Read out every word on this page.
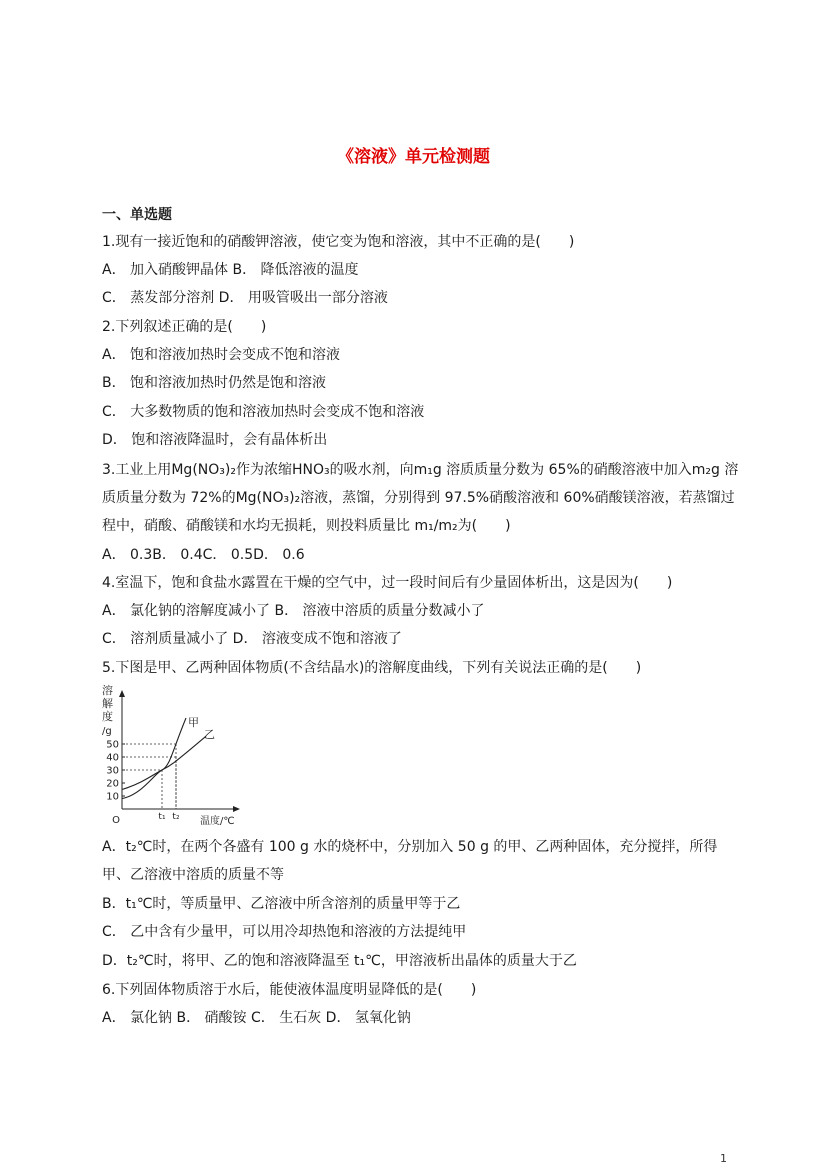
《溶液》单元检测题
一、单选题
1.现有一接近饱和的硝酸钾溶液，使它变为饱和溶液，其中不正确的是(　　)
A． 加入硝酸钾晶体 B． 降低溶液的温度
C． 蒸发部分溶剂 D． 用吸管吸出一部分溶液
2.下列叙述正确的是(　　)
A． 饱和溶液加热时会变成不饱和溶液
B． 饱和溶液加热时仍然是饱和溶液
C． 大多数物质的饱和溶液加热时会变成不饱和溶液
D． 饱和溶液降温时，会有晶体析出
3.工业上用Mg(NO₃)₂作为浓缩HNO₃的吸水剂，向m₁g 溶质质量分数为 65%的硝酸溶液中加入m₂g 溶
质质量分数为 72%的Mg(NO₃)₂溶液，蒸馏，分别得到 97.5%硝酸溶液和 60%硝酸镁溶液，若蒸馏过
程中，硝酸、硝酸镁和水均无损耗，则投料质量比 m₁/m₂为(　　)
A． 0.3B． 0.4C． 0.5D． 0.6
4.室温下，饱和食盐水露置在干燥的空气中，过一段时间后有少量固体析出，这是因为(　　)
A． 氯化钠的溶解度减小了 B． 溶液中溶质的质量分数减小了
C． 溶剂质量减小了 D． 溶液变成不饱和溶液了
5.下图是甲、乙两种固体物质(不含结晶水)的溶解度曲线，下列有关说法正确的是(　　)
溶
解
度
/g
10
20
30
40
50
t₁ t₂
O	温度/℃
甲
乙
A．t₂℃时，在两个各盛有 100 g 水的烧杯中，分别加入 50 g 的甲、乙两种固体，充分搅拌，所得
甲、乙溶液中溶质的质量不等
B．t₁℃时，等质量甲、乙溶液中所含溶剂的质量甲等于乙
C． 乙中含有少量甲，可以用冷却热饱和溶液的方法提纯甲
D．t₂℃时，将甲、乙的饱和溶液降温至 t₁℃，甲溶液析出晶体的质量大于乙
6.下列固体物质溶于水后，能使液体温度明显降低的是(　　)
A． 氯化钠 B． 硝酸铵 C． 生石灰 D． 氢氧化钠
1
